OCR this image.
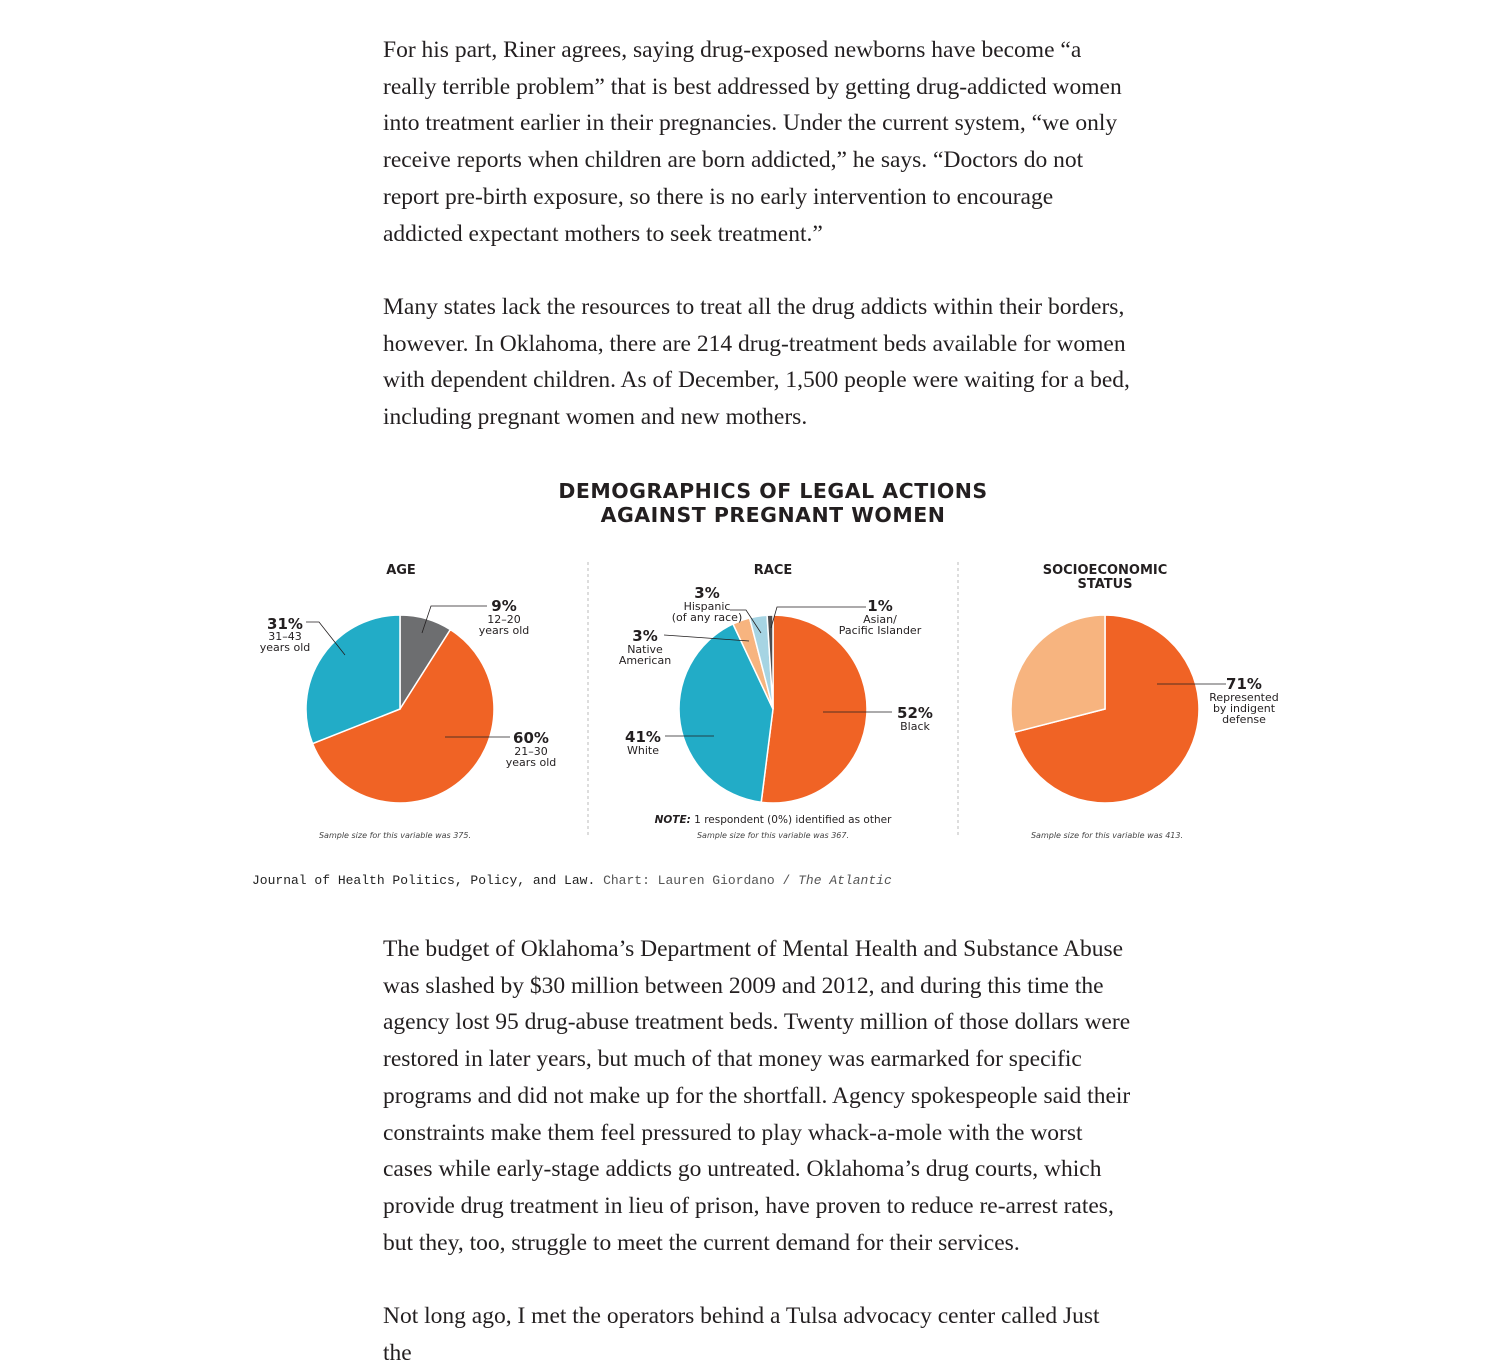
For his part, Riner agrees, saying drug-exposed newborns have become “a really terrible problem” that is best addressed by getting drug-addicted women into treatment earlier in their pregnancies. Under the current system, “we only receive reports when children are born addicted,” he says. “Doctors do not report pre-birth exposure, so there is no early intervention to encourage addicted expectant mothers to seek treatment.”

Many states lack the resources to treat all the drug addicts within their borders, however. In Oklahoma, there are 214 drug-treatment beds available for women with dependent children. As of December, 1,500 people were waiting for a bed, including pregnant women and new mothers.

DEMOGRAPHICS OF LEGAL ACTIONS
AGAINST PREGNANT WOMEN
AGE
9%
12–20
years old
60%
21–30
years old
31%
31–43
years old
Sample size for this variable was 375.
RACE
52%
Black
41%
White
3%
Native
American
3%
Hispanic
(of any race)
1%
Asian/
Pacific Islander
NOTE: 1 respondent (0%) identified as other
Sample size for this variable was 367.
SOCIOECONOMIC
STATUS
71%
Represented
by indigent
defense
Sample size for this variable was 413.

Journal of Health Politics, Policy, and Law. Chart: Lauren Giordano / The Atlantic

The budget of Oklahoma’s Department of Mental Health and Substance Abuse was slashed by $30 million between 2009 and 2012, and during this time the agency lost 95 drug-abuse treatment beds. Twenty million of those dollars were restored in later years, but much of that money was earmarked for specific programs and did not make up for the shortfall. Agency spokespeople said their constraints make them feel pressured to play whack-a-mole with the worst cases while early-stage addicts go untreated. Oklahoma’s drug courts, which provide drug treatment in lieu of prison, have proven to reduce re-arrest rates, but they, too, struggle to meet the current demand for their services.

Not long ago, I met the operators behind a Tulsa advocacy center called Just the
